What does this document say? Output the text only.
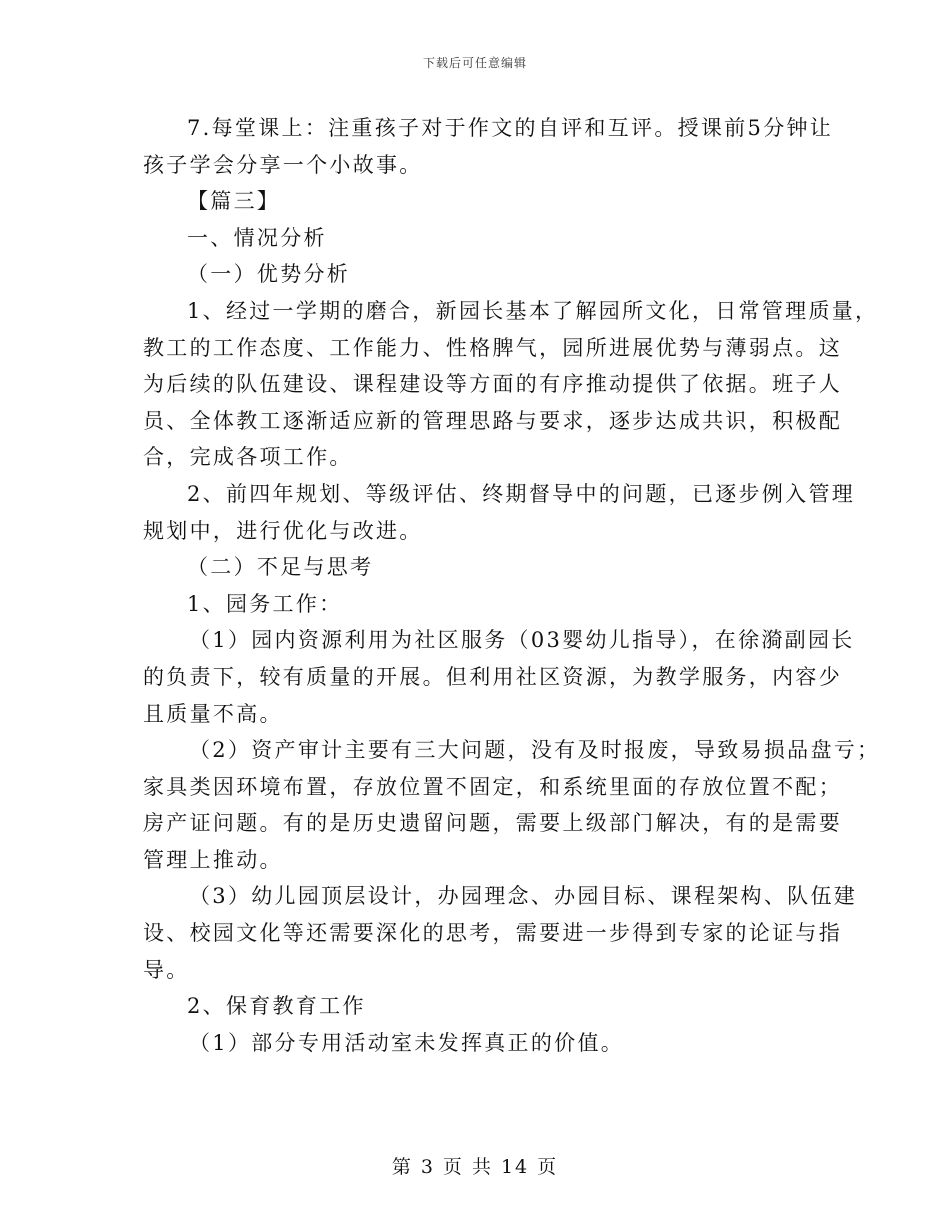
下载后可任意编辑
7.每堂课上：注重孩子对于作文的自评和互评。授课前5分钟让
孩子学会分享一个小故事。
【篇三】
一、情况分析
（一）优势分析
1、经过一学期的磨合，新园长基本了解园所文化，日常管理质量，
教工的工作态度、工作能力、性格脾气，园所进展优势与薄弱点。这
为后续的队伍建设、课程建设等方面的有序推动提供了依据。班子人
员、全体教工逐渐适应新的管理思路与要求，逐步达成共识，积极配
合，完成各项工作。
2、前四年规划、等级评估、终期督导中的问题，已逐步例入管理
规划中，进行优化与改进。
（二）不足与思考
1、园务工作：
（1）园内资源利用为社区服务（03婴幼儿指导），在徐漪副园长
的负责下，较有质量的开展。但利用社区资源，为教学服务，内容少
且质量不高。
（2）资产审计主要有三大问题，没有及时报废，导致易损品盘亏；
家具类因环境布置，存放位置不固定，和系统里面的存放位置不配；
房产证问题。有的是历史遗留问题，需要上级部门解决，有的是需要
管理上推动。
（3）幼儿园顶层设计，办园理念、办园目标、课程架构、队伍建
设、校园文化等还需要深化的思考，需要进一步得到专家的论证与指
导。
2、保育教育工作
（1）部分专用活动室未发挥真正的价值。
第 3 页 共 14 页
